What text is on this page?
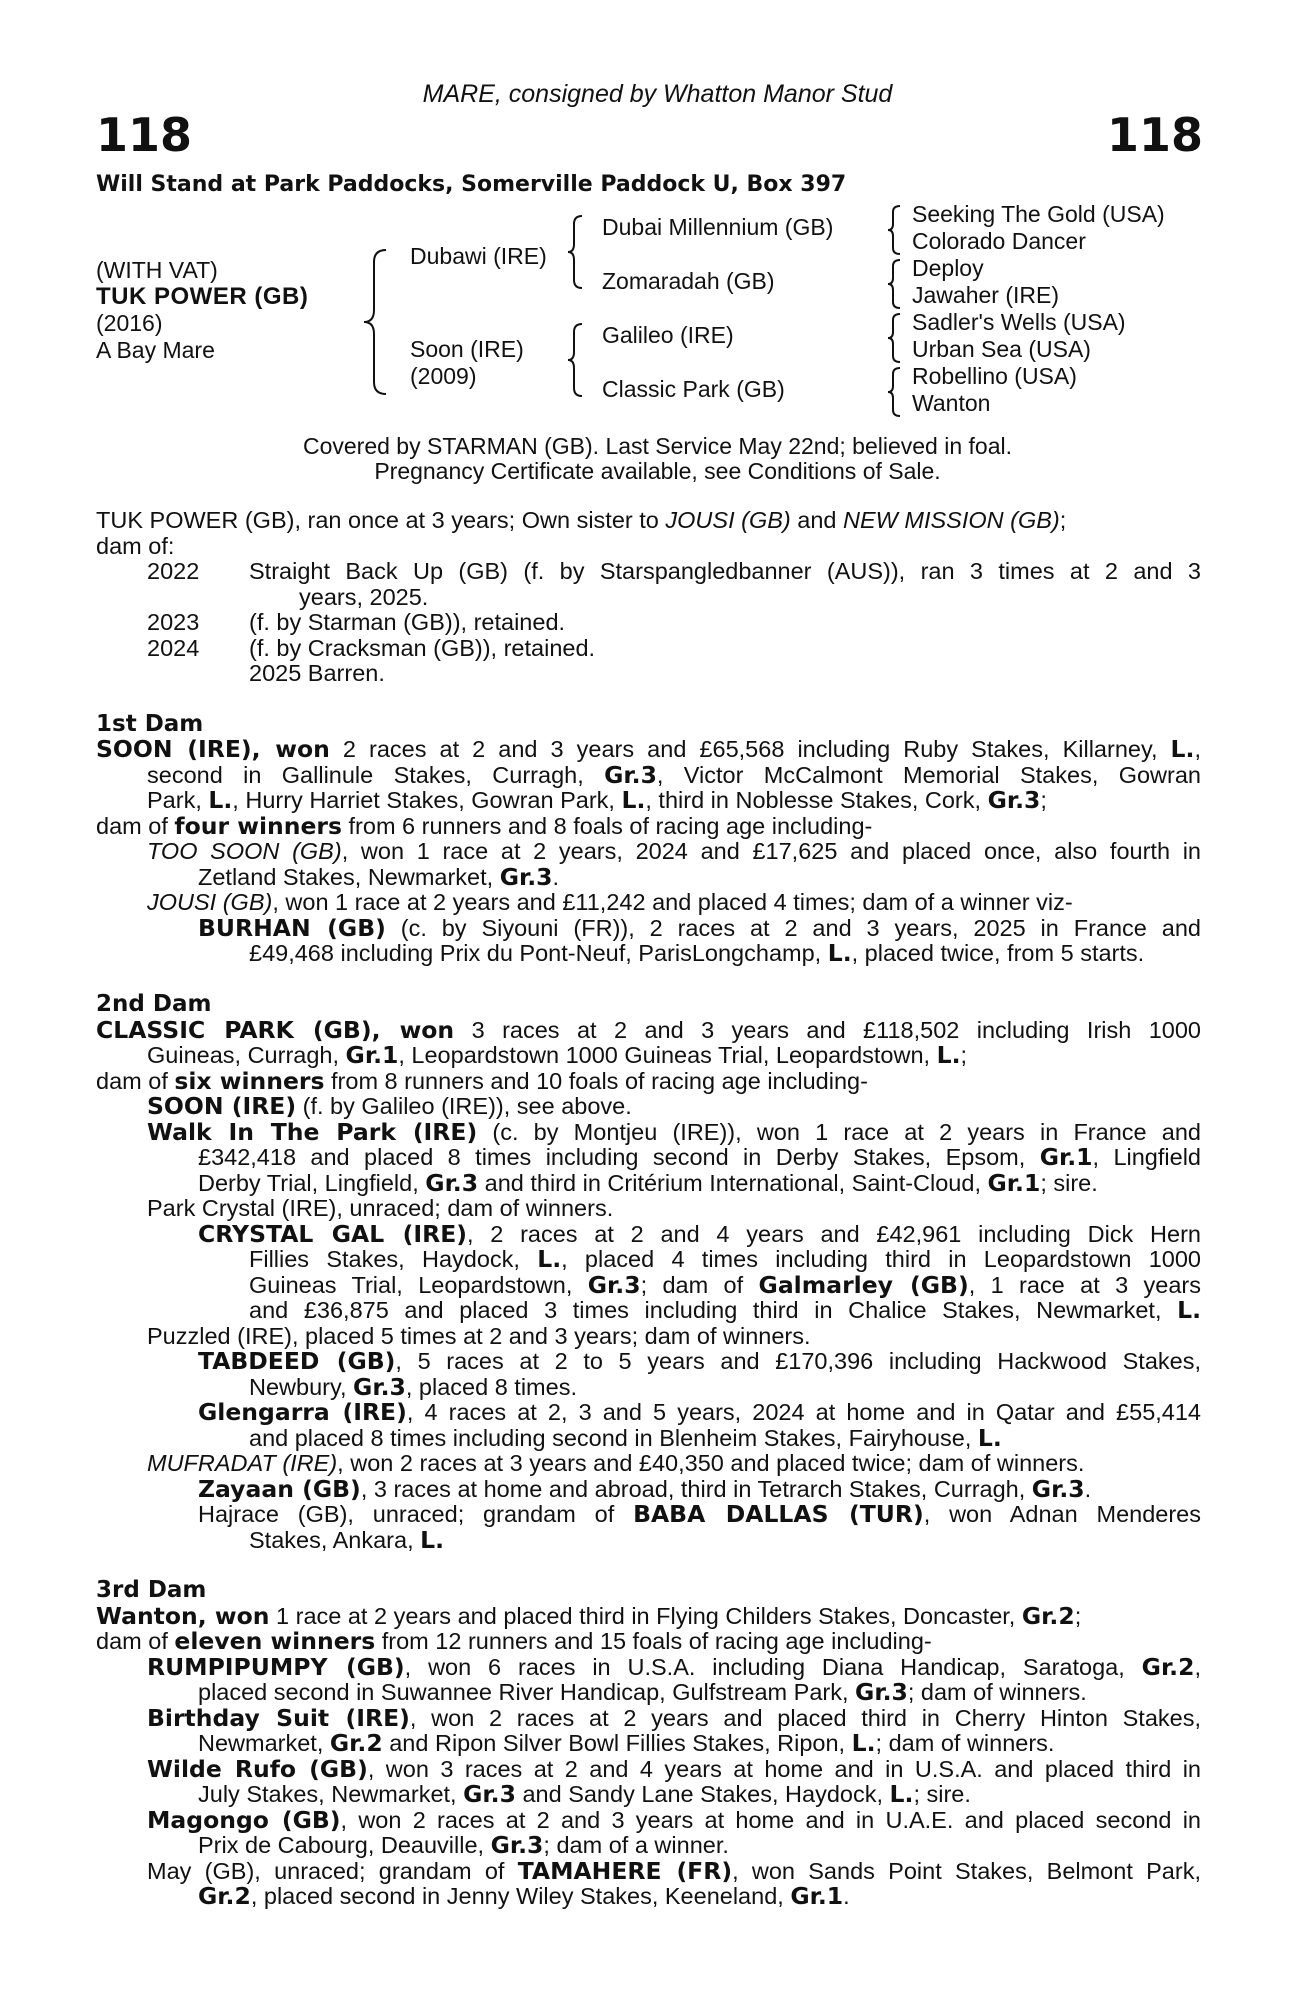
MARE, consigned by Whatton Manor Stud
118	118
Will Stand at Park Paddocks, Somerville Paddock U, Box 397
(WITH VAT)
TUK POWER (GB)
(2016)
A Bay Mare
Dubawi (IRE)
Soon (IRE)
(2009)
Dubai Millennium (GB)
Zomaradah (GB)
Galileo (IRE)
Classic Park (GB)
Seeking The Gold (USA)
Colorado Dancer
Deploy
Jawaher (IRE)
Sadler's Wells (USA)
Urban Sea (USA)
Robellino (USA)
Wanton
Covered by STARMAN (GB). Last Service May 22nd; believed in foal.
Pregnancy Certificate available, see Conditions of Sale.
TUK POWER (GB), ran once at 3 years; Own sister to JOUSI (GB) and NEW MISSION (GB);
dam of:
2022 Straight Back Up (GB) (f. by Starspangledbanner (AUS)), ran 3 times at 2 and 3
years, 2025.
2023 (f. by Starman (GB)), retained.
2024 (f. by Cracksman (GB)), retained.
2025 Barren.
1st Dam
SOON (IRE), won 2 races at 2 and 3 years and £65,568 including Ruby Stakes, Killarney, L.,
second in Gallinule Stakes, Curragh, Gr.3, Victor McCalmont Memorial Stakes, Gowran
Park, L., Hurry Harriet Stakes, Gowran Park, L., third in Noblesse Stakes, Cork, Gr.3;
dam of four winners from 6 runners and 8 foals of racing age including-
TOO SOON (GB), won 1 race at 2 years, 2024 and £17,625 and placed once, also fourth in
Zetland Stakes, Newmarket, Gr.3.
JOUSI (GB), won 1 race at 2 years and £11,242 and placed 4 times; dam of a winner viz-
BURHAN (GB) (c. by Siyouni (FR)), 2 races at 2 and 3 years, 2025 in France and
£49,468 including Prix du Pont-Neuf, ParisLongchamp, L., placed twice, from 5 starts.
2nd Dam
CLASSIC PARK (GB), won 3 races at 2 and 3 years and £118,502 including Irish 1000
Guineas, Curragh, Gr.1, Leopardstown 1000 Guineas Trial, Leopardstown, L.;
dam of six winners from 8 runners and 10 foals of racing age including-
SOON (IRE) (f. by Galileo (IRE)), see above.
Walk In The Park (IRE) (c. by Montjeu (IRE)), won 1 race at 2 years in France and
£342,418 and placed 8 times including second in Derby Stakes, Epsom, Gr.1, Lingfield
Derby Trial, Lingfield, Gr.3 and third in Critérium International, Saint-Cloud, Gr.1; sire.
Park Crystal (IRE), unraced; dam of winners.
CRYSTAL GAL (IRE), 2 races at 2 and 4 years and £42,961 including Dick Hern
Fillies Stakes, Haydock, L., placed 4 times including third in Leopardstown 1000
Guineas Trial, Leopardstown, Gr.3; dam of Galmarley (GB), 1 race at 3 years
and £36,875 and placed 3 times including third in Chalice Stakes, Newmarket, L.
Puzzled (IRE), placed 5 times at 2 and 3 years; dam of winners.
TABDEED (GB), 5 races at 2 to 5 years and £170,396 including Hackwood Stakes,
Newbury, Gr.3, placed 8 times.
Glengarra (IRE), 4 races at 2, 3 and 5 years, 2024 at home and in Qatar and £55,414
and placed 8 times including second in Blenheim Stakes, Fairyhouse, L.
MUFRADAT (IRE), won 2 races at 3 years and £40,350 and placed twice; dam of winners.
Zayaan (GB), 3 races at home and abroad, third in Tetrarch Stakes, Curragh, Gr.3.
Hajrace (GB), unraced; grandam of BABA DALLAS (TUR), won Adnan Menderes
Stakes, Ankara, L.
3rd Dam
Wanton, won 1 race at 2 years and placed third in Flying Childers Stakes, Doncaster, Gr.2;
dam of eleven winners from 12 runners and 15 foals of racing age including-
RUMPIPUMPY (GB), won 6 races in U.S.A. including Diana Handicap, Saratoga, Gr.2,
placed second in Suwannee River Handicap, Gulfstream Park, Gr.3; dam of winners.
Birthday Suit (IRE), won 2 races at 2 years and placed third in Cherry Hinton Stakes,
Newmarket, Gr.2 and Ripon Silver Bowl Fillies Stakes, Ripon, L.; dam of winners.
Wilde Rufo (GB), won 3 races at 2 and 4 years at home and in U.S.A. and placed third in
July Stakes, Newmarket, Gr.3 and Sandy Lane Stakes, Haydock, L.; sire.
Magongo (GB), won 2 races at 2 and 3 years at home and in U.A.E. and placed second in
Prix de Cabourg, Deauville, Gr.3; dam of a winner.
May (GB), unraced; grandam of TAMAHERE (FR), won Sands Point Stakes, Belmont Park,
Gr.2, placed second in Jenny Wiley Stakes, Keeneland, Gr.1.
